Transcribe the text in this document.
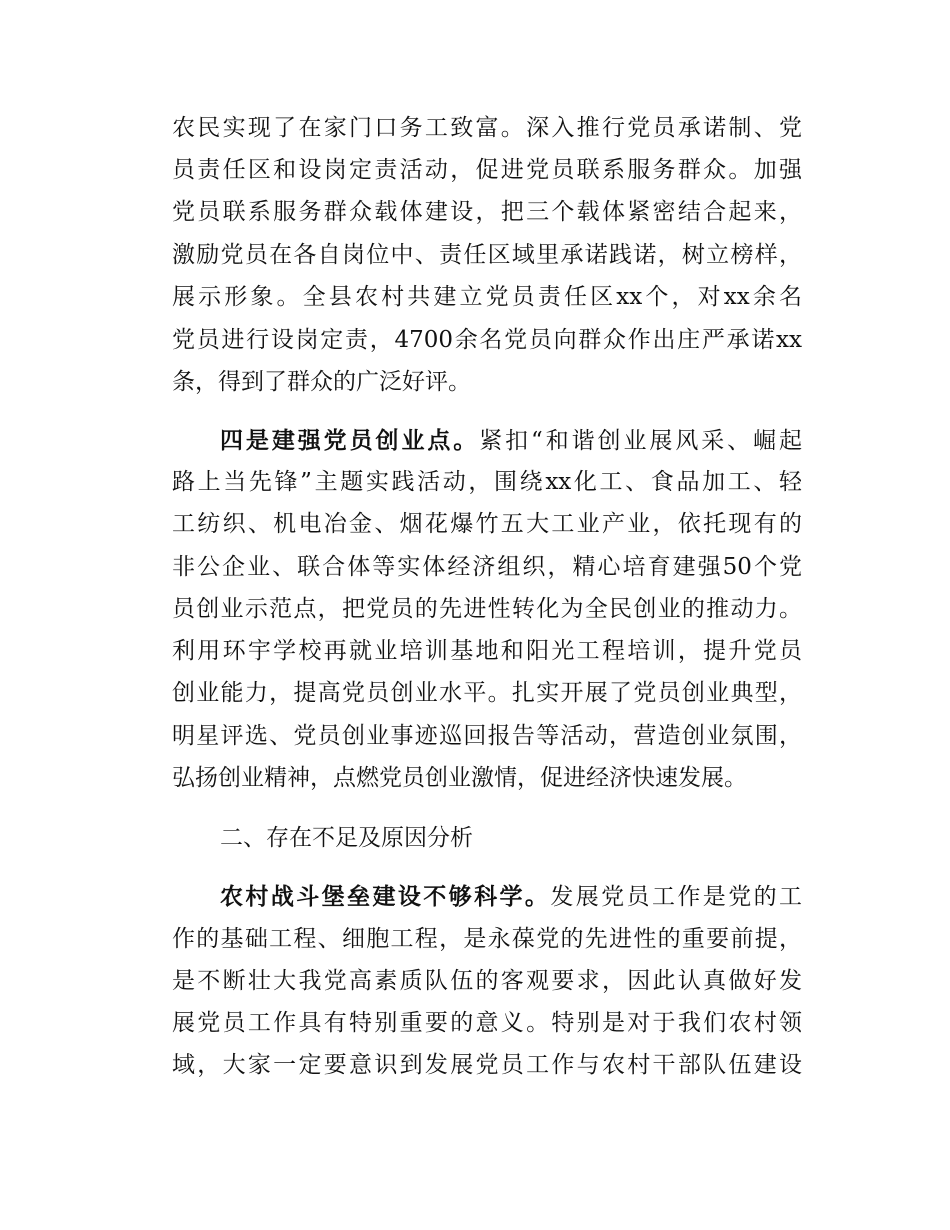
农民实现了在家门口务工致富。深入推行党员承诺制、党
员责任区和设岗定责活动，促进党员联系服务群众。加强
党员联系服务群众载体建设，把三个载体紧密结合起来，
激励党员在各自岗位中、责任区域里承诺践诺，树立榜样，
展示形象。全县农村共建立党员责任区xx个，对xx余名
党员进行设岗定责，4700余名党员向群众作出庄严承诺xx
条，得到了群众的广泛好评。
四是建强党员创业点。紧扣“和谐创业展风采、崛起
路上当先锋”主题实践活动，围绕xx化工、食品加工、轻
工纺织、机电冶金、烟花爆竹五大工业产业，依托现有的
非公企业、联合体等实体经济组织，精心培育建强50个党
员创业示范点，把党员的先进性转化为全民创业的推动力。
利用环宇学校再就业培训基地和阳光工程培训，提升党员
创业能力，提高党员创业水平。扎实开展了党员创业典型，
明星评选、党员创业事迹巡回报告等活动，营造创业氛围，
弘扬创业精神，点燃党员创业激情，促进经济快速发展。
二、存在不足及原因分析
农村战斗堡垒建设不够科学。发展党员工作是党的工
作的基础工程、细胞工程，是永葆党的先进性的重要前提，
是不断壮大我党高素质队伍的客观要求，因此认真做好发
展党员工作具有特别重要的意义。特别是对于我们农村领
域，大家一定要意识到发展党员工作与农村干部队伍建设
